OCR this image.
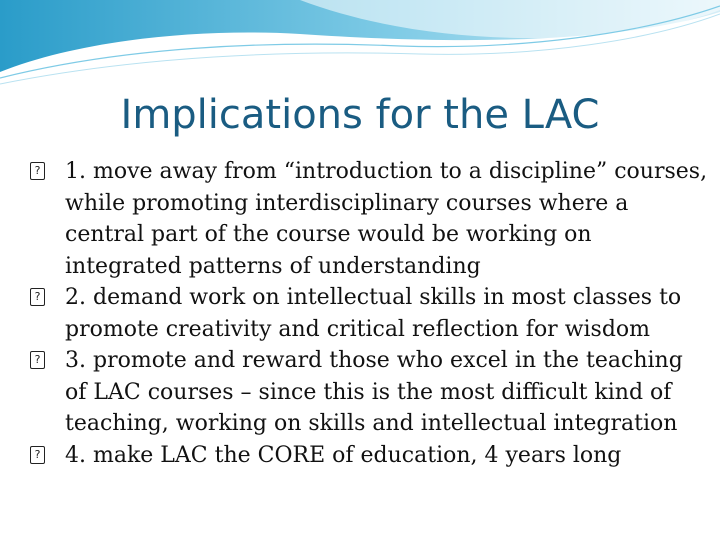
Implications for the LAC
? 1. move away from “introduction to a discipline” courses, while promoting interdisciplinary courses where a central part of the course would be working on integrated patterns of understanding
? 2. demand work on intellectual skills in most classes to promote creativity and critical reflection for wisdom
? 3. promote and reward those who excel in the teaching of LAC courses – since this is the most difficult kind of teaching, working on skills and intellectual integration
? 4. make LAC the CORE of education, 4 years long
